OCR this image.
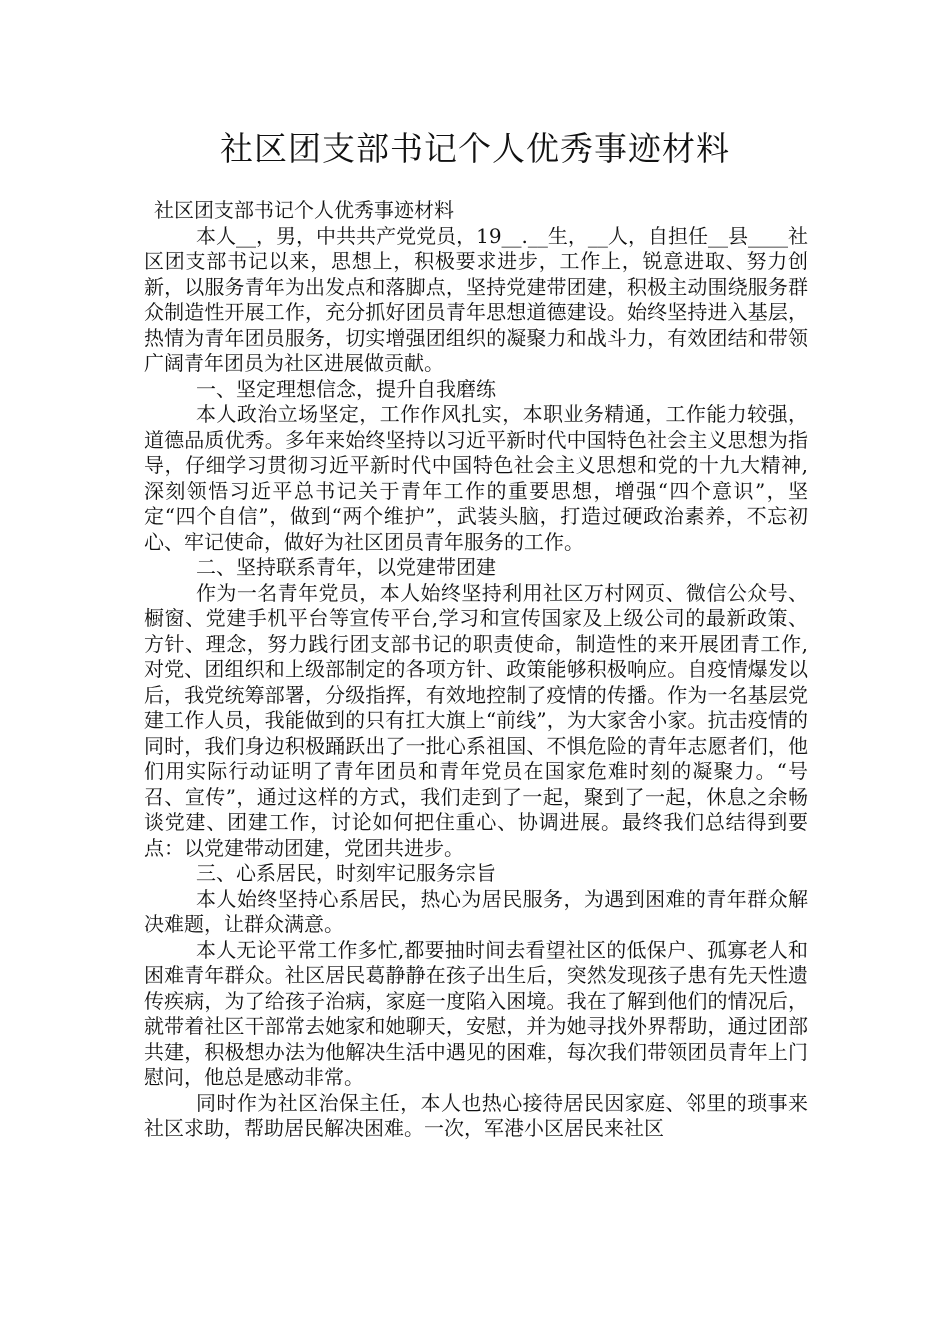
社区团支部书记个人优秀事迹材料

社区团支部书记个人优秀事迹材料

本人__，男，中共共产党党员，19__.__生，__人，自担任__县____社区团支部书记以来，思想上，积极要求进步，工作上，锐意进取、努力创新，以服务青年为出发点和落脚点，坚持党建带团建，积极主动围绕服务群众制造性开展工作，充分抓好团员青年思想道德建设。始终坚持进入基层，热情为青年团员服务，切实增强团组织的凝聚力和战斗力，有效团结和带领广阔青年团员为社区进展做贡献。

一、坚定理想信念，提升自我磨练

本人政治立场坚定，工作作风扎实，本职业务精通，工作能力较强，道德品质优秀。多年来始终坚持以习近平新时代中国特色社会主义思想为指导，仔细学习贯彻习近平新时代中国特色社会主义思想和党的十九大精神,深刻领悟习近平总书记关于青年工作的重要思想，增强“四个意识”，坚定“四个自信”，做到“两个维护”，武装头脑，打造过硬政治素养，不忘初心、牢记使命，做好为社区团员青年服务的工作。

二、坚持联系青年，以党建带团建

作为一名青年党员，本人始终坚持利用社区万村网页、微信公众号、橱窗、党建手机平台等宣传平台,学习和宣传国家及上级公司的最新政策、方针、理念，努力践行团支部书记的职责使命，制造性的来开展团青工作,对党、团组织和上级部制定的各项方针、政策能够积极响应。自疫情爆发以后，我党统筹部署，分级指挥，有效地控制了疫情的传播。作为一名基层党建工作人员，我能做到的只有扛大旗上“前线”，为大家舍小家。抗击疫情的同时，我们身边积极踊跃出了一批心系祖国、不惧危险的青年志愿者们，他们用实际行动证明了青年团员和青年党员在国家危难时刻的凝聚力。“号召、宣传”，通过这样的方式，我们走到了一起，聚到了一起，休息之余畅谈党建、团建工作，讨论如何把住重心、协调进展。最终我们总结得到要点：以党建带动团建，党团共进步。

三、心系居民，时刻牢记服务宗旨

本人始终坚持心系居民，热心为居民服务，为遇到困难的青年群众解决难题，让群众满意。

本人无论平常工作多忙,都要抽时间去看望社区的低保户、孤寡老人和困难青年群众。社区居民葛静静在孩子出生后，突然发现孩子患有先天性遗传疾病，为了给孩子治病，家庭一度陷入困境。我在了解到他们的情况后，就带着社区干部常去她家和她聊天，安慰，并为她寻找外界帮助，通过团部共建，积极想办法为他解决生活中遇见的困难，每次我们带领团员青年上门慰问，他总是感动非常。

同时作为社区治保主任，本人也热心接待居民因家庭、邻里的琐事来社区求助，帮助居民解决困难。一次，军港小区居民来社区
